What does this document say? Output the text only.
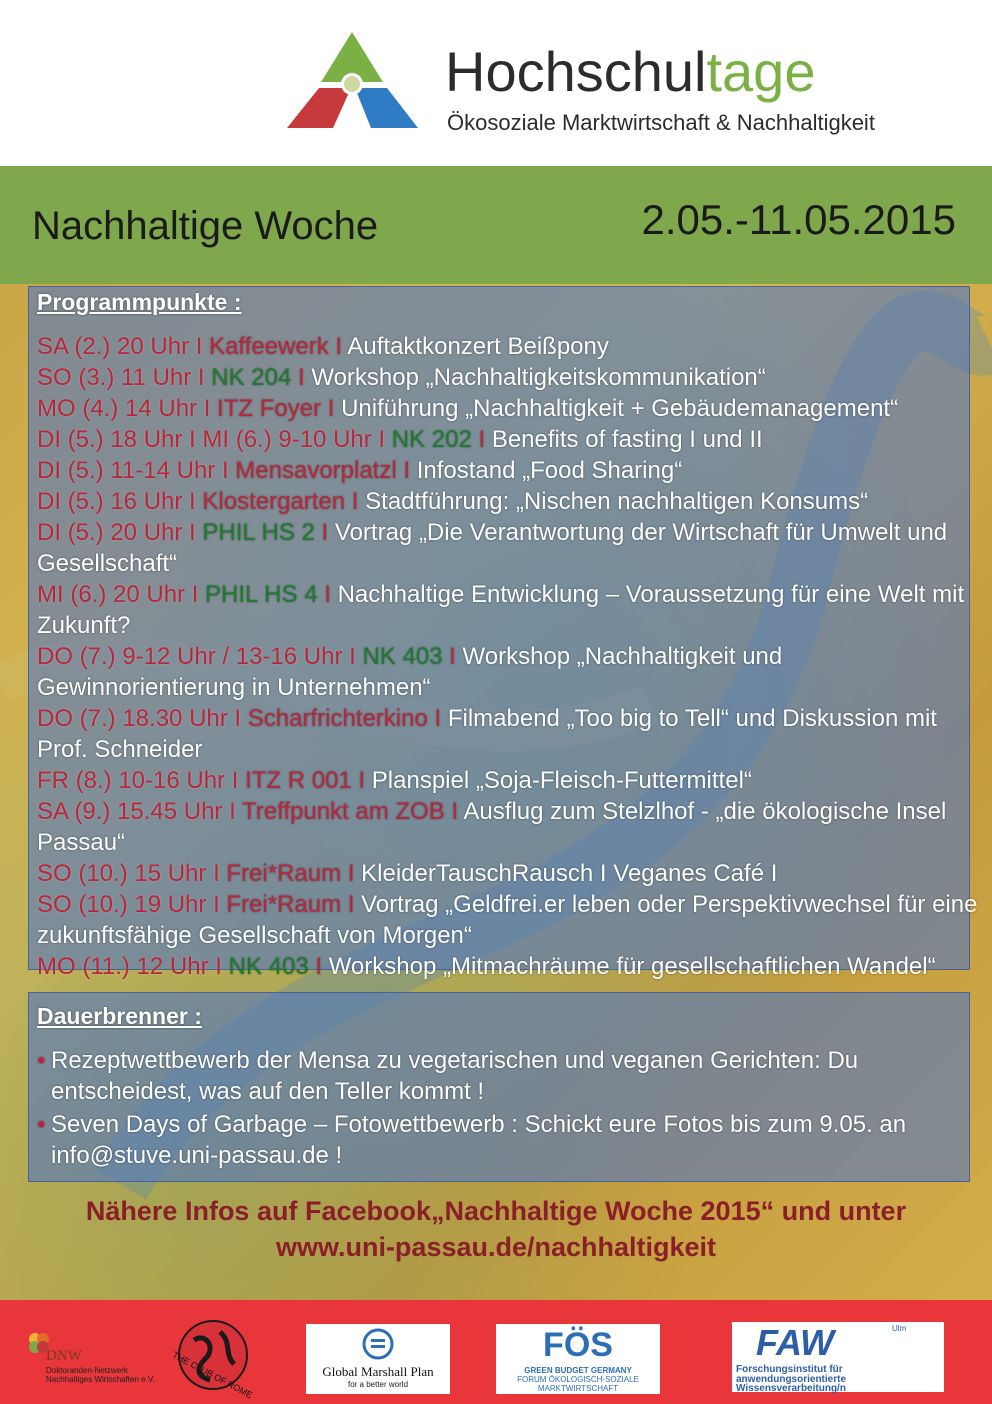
Hochschultage
Ökosoziale Marktwirtschaft & Nachhaltigkeit
Nachhaltige Woche	2.05.-11.05.2015
Programmpunkte :
SA (2.) 20 Uhr I Kaffeewerk I Auftaktkonzert Beißpony
SO (3.) 11 Uhr I NK 204 I Workshop „Nachhaltigkeitskommunikation“
MO (4.) 14 Uhr I ITZ Foyer I Uniführung „Nachhaltigkeit + Gebäudemanagement“
DI (5.) 18 Uhr I MI (6.) 9-10 Uhr I NK 202 I Benefits of fasting I und II
DI (5.) 11-14 Uhr I Mensavorplatzl I Infostand „Food Sharing“
DI (5.) 16 Uhr I Klostergarten I Stadtführung: „Nischen nachhaltigen Konsums“
DI (5.) 20 Uhr I PHIL HS 2 I Vortrag „Die Verantwortung der Wirtschaft für Umwelt und Gesellschaft“
MI (6.) 20 Uhr I PHIL HS 4 I Nachhaltige Entwicklung – Voraussetzung für eine Welt mit Zukunft?
DO (7.) 9-12 Uhr / 13-16 Uhr I NK 403 I Workshop „Nachhaltigkeit und Gewinnorientierung in Unternehmen“
DO (7.) 18.30 Uhr I Scharfrichterkino I Filmabend „Too big to Tell“ und Diskussion mit Prof. Schneider
FR (8.) 10-16 Uhr I ITZ R 001 I Planspiel „Soja-Fleisch-Futtermittel“
SA (9.) 15.45 Uhr I Treffpunkt am ZOB I Ausflug zum Stelzlhof - „die ökologische Insel Passau“
SO (10.) 15 Uhr I Frei*Raum I KleiderTauschRausch I Veganes Café I
SO (10.) 19 Uhr I Frei*Raum I Vortrag „Geldfrei.er leben oder Perspektivwechsel für eine zukunftsfähige Gesellschaft von Morgen“
MO (11.) 12 Uhr I NK 403 I Workshop „Mitmachräume für gesellschaftlichen Wandel“
Dauerbrenner :
• Rezeptwettbewerb der Mensa zu vegetarischen und veganen Gerichten: Du entscheidest, was auf den Teller kommt !
• Seven Days of Garbage – Fotowettbewerb : Schickt eure Fotos bis zum 9.05. an info@stuve.uni-passau.de !
Nähere Infos auf Facebook„Nachhaltige Woche 2015“ und unter
www.uni-passau.de/nachhaltigkeit
DNW
Doktoranden-Netzwerk
Nachhaltiges Wirtschaften e.V. THE CLUB OF ROME	Global Marshall Plan
for a better world
FÖS
GREEN BUDGET GERMANY
FORUM ÖKOLOGISCH-SOZIALE
MARKTWIRTSCHAFT
FAW	Ulm
Forschungsinstitut für
anwendungsorientierte
Wissensverarbeitung/n
